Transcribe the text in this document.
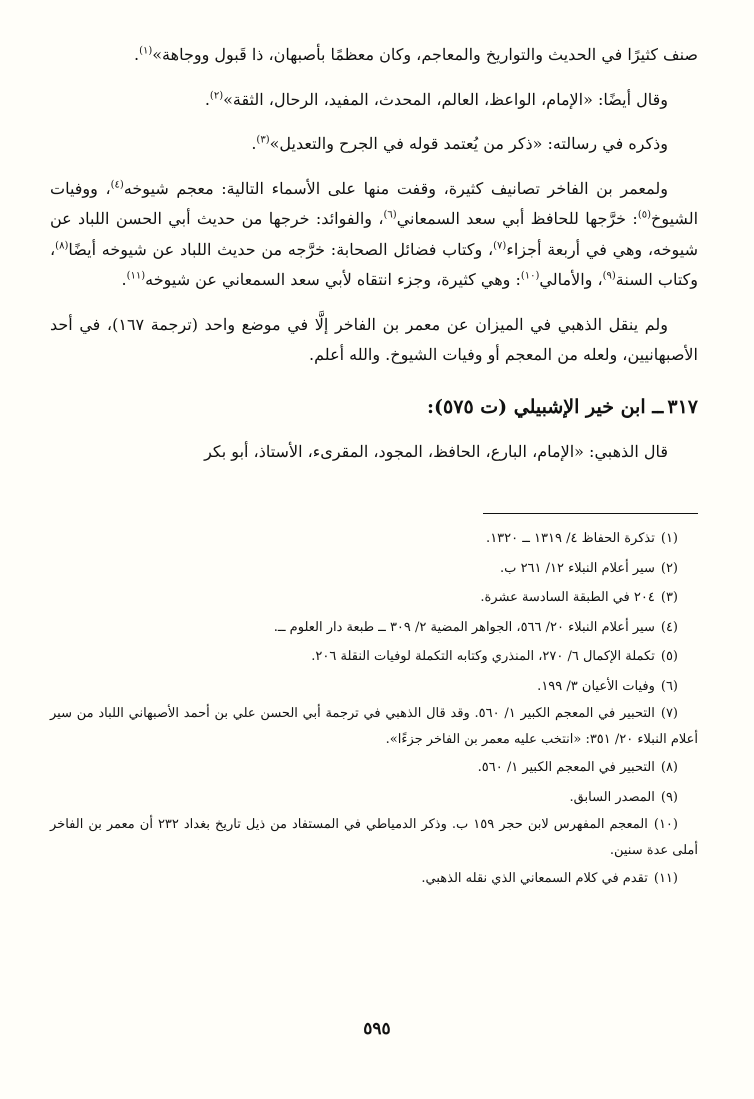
صنف كثيرًا في الحديث والتواريخ والمعاجم، وكان معظمًا بأصبهان، ذا قَبول ووجاهة»$^{(١)}$.

وقال أيضًا: «الإمام، الواعظ، العالم، المحدث، المفيد، الرحال، الثقة»$^{(٢)}$.

وذكره في رسالته: «ذكر من يُعتمد قوله في الجرح والتعديل»$^{(٣)}$.

ولمعمر بن الفاخر تصانيف كثيرة، وقفت منها على الأسماء التالية: معجم شيوخه$^{(٤)}$، ووفيات الشيوخ$^{(٥)}$: خرَّجها للحافظ أبي سعد السمعاني$^{(٦)}$، والفوائد: خرجها من حديث أبي الحسن اللباد عن شيوخه، وهي في أربعة أجزاء$^{(٧)}$، وكتاب فضائل الصحابة: خرَّجه من حديث اللباد عن شيوخه أيضًا$^{(٨)}$، وكتاب السنة$^{(٩)}$، والأمالي$^{(١٠)}$: وهي كثيرة، وجزء انتقاه لأبي سعد السمعاني عن شيوخه$^{(١١)}$.

ولم ينقل الذهبي في الميزان عن معمر بن الفاخر إلَّا في موضع واحد (ترجمة ١٦٧)، في أحد الأصبهانيين، ولعله من المعجم أو وفيات الشيوخ. والله أعلم.

٣١٧ــ ابن خير الإشبيلي (ت ٥٧٥):

قال الذهبي: «الإمام، البارع، الحافظ، المجود، المقرىء، الأستاذ، أبو بكر

(١)تذكرة الحفاظ ٤/ ١٣١٩ ــ ١٣٢٠.

(٢)سير أعلام النبلاء ١٢/ ٢٦١ ب.

(٣)٢٠٤ في الطبقة السادسة عشرة.

(٤)سير أعلام النبلاء ٢٠/ ٥٦٦، الجواهر المضية ٢/ ٣٠٩ ــ طبعة دار العلوم ــ.

(٥)تكملة الإكمال ٦/ ٢٧٠، المنذري وكتابه التكملة لوفيات النقلة ٢٠٦.

(٦)وفيات الأعيان ٣/ ١٩٩.

(٧)التحبير في المعجم الكبير ١/ ٥٦٠. وقد قال الذهبي في ترجمة أبي الحسن علي بن أحمد الأصبهاني اللباد من سير أعلام النبلاء ٢٠/ ٣٥١: «انتخب عليه معمر بن الفاخر جزءًا».

(٨)التحبير في المعجم الكبير ١/ ٥٦٠.

(٩)المصدر السابق.

(١٠)المعجم المفهرس لابن حجر ١٥٩ ب. وذكر الدمياطي في المستفاد من ذيل تاريخ بغداد ٢٣٢ أن معمر بن الفاخر أملى عدة سنين.

(١١)تقدم في كلام السمعاني الذي نقله الذهبي.

٥٩٥
